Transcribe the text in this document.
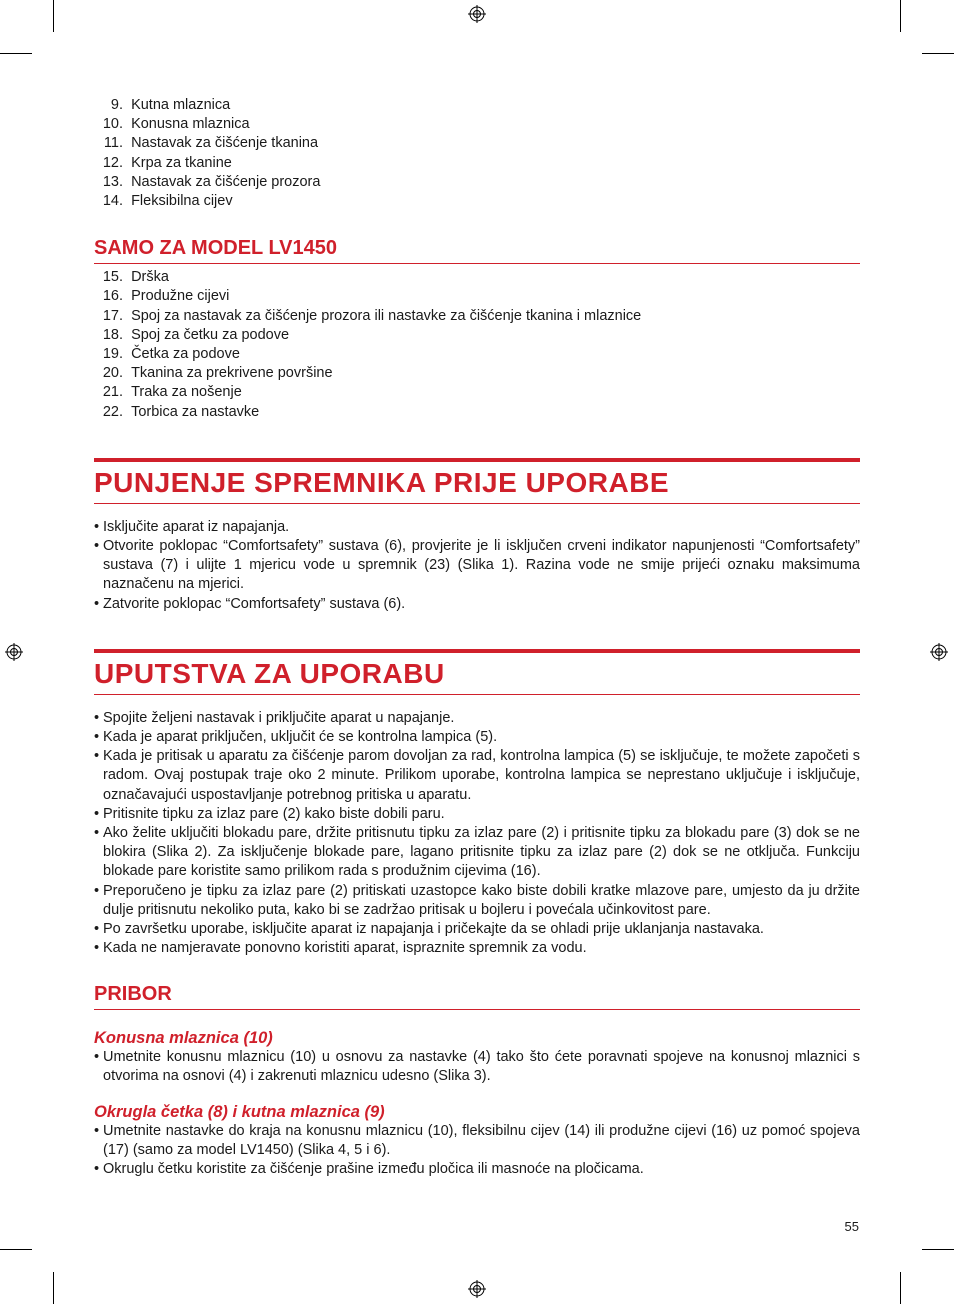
9.
Kutna mlaznica
10.
Konusna mlaznica
11.
Nastavak za čišćenje tkanina
12.
Krpa za tkanine
13.
Nastavak za čišćenje prozora
14.
Fleksibilna cijev
SAMO ZA MODEL LV1450
15.
Drška
16.
Produžne cijevi
17.
Spoj za nastavak za čišćenje prozora ili nastavke za čišćenje tkanina i mlaznice
18.
Spoj za četku za podove
19.
Četka za podove
20.
Tkanina za prekrivene površine
21.
Traka za nošenje
22.
Torbica za nastavke
PUNJENJE SPREMNIKA PRIJE UPORABE
• Isključite aparat iz napajanja.
• Otvorite poklopac “Comfortsafety” sustava (6), provjerite je li isključen crveni indikator napunjenosti “Comfortsafety” sustava (7) i ulijte 1 mjericu vode u spremnik (23) (Slika 1). Razina vode ne smije prijeći oznaku maksimuma naznačenu na mjerici.
• Zatvorite poklopac “Comfortsafety” sustava (6).
UPUTSTVA ZA UPORABU
• Spojite željeni nastavak i priključite aparat u napajanje.
• Kada je aparat priključen, uključit će se kontrolna lampica (5).
• Kada je pritisak u aparatu za čišćenje parom dovoljan za rad, kontrolna lampica (5) se isključuje, te možete započeti s radom. Ovaj postupak traje oko 2 minute. Prilikom uporabe, kontrolna lampica se neprestano uključuje i isključuje, označavajući uspostavljanje potrebnog pritiska u aparatu.
• Pritisnite tipku za izlaz pare (2) kako biste dobili paru.
• Ako želite uključiti blokadu pare, držite pritisnutu tipku za izlaz pare (2) i pritisnite tipku za blokadu pare (3) dok se ne blokira (Slika 2). Za isključenje blokade pare, lagano pritisnite tipku za izlaz pare (2) dok se ne otključa. Funkciju blokade pare koristite samo prilikom rada s produžnim cijevima (16).
• Preporučeno je tipku za izlaz pare (2) pritiskati uzastopce kako biste dobili kratke mlazove pare, umjesto da ju držite dulje pritisnutu nekoliko puta, kako bi se zadržao pritisak u bojleru i povećala učinkovitost pare.
• Po završetku uporabe, isključite aparat iz napajanja i pričekajte da se ohladi prije uklanjanja nastavaka.
• Kada ne namjeravate ponovno koristiti aparat, ispraznite spremnik za vodu.
PRIBOR
Konusna mlaznica (10)
• Umetnite konusnu mlaznicu (10) u osnovu za nastavke (4) tako što ćete poravnati spojeve na konusnoj mlaznici s otvorima na osnovi (4) i zakrenuti mlaznicu udesno (Slika 3).
Okrugla četka (8) i kutna mlaznica (9)
• Umetnite nastavke do kraja na konusnu mlaznicu (10), fleksibilnu cijev (14) ili produžne cijevi (16) uz pomoć spojeva (17) (samo za model LV1450) (Slika 4, 5 i 6).
• Okruglu četku koristite za čišćenje prašine između pločica ili masnoće na pločicama.
55
